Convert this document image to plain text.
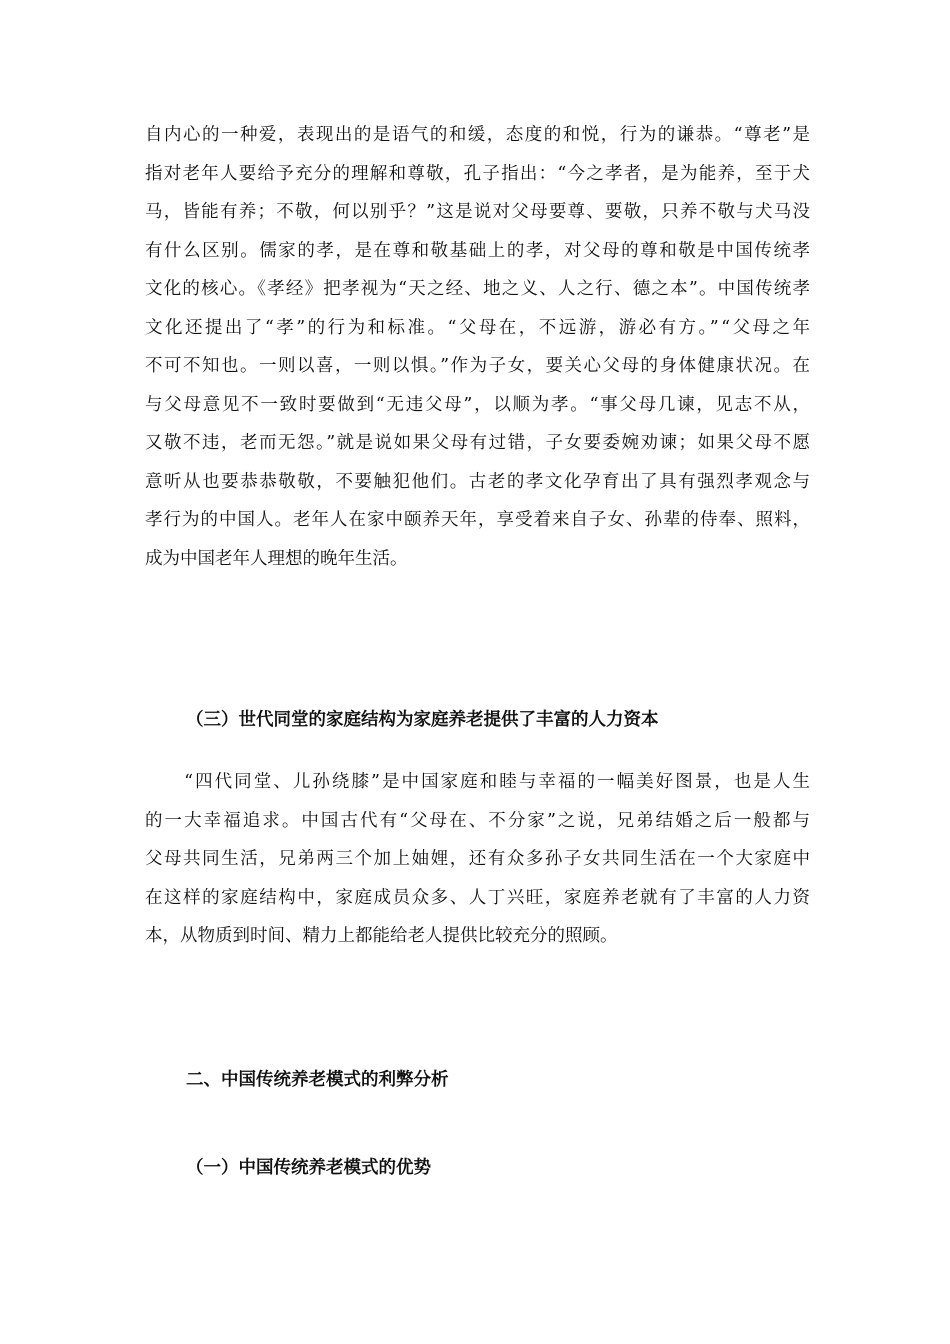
自内心的一种爱，表现出的是语气的和缓，态度的和悦，行为的谦恭。“尊老”是
指对老年人要给予充分的理解和尊敬，孔子指出：“今之孝者，是为能养，至于犬
马，皆能有养；不敬，何以别乎？”这是说对父母要尊、要敬，只养不敬与犬马没
有什么区别。儒家的孝，是在尊和敬基础上的孝，对父母的尊和敬是中国传统孝
文化的核心。《孝经》把孝视为“天之经、地之义、人之行、德之本”。中国传统孝
文化还提出了“孝”的行为和标准。“父母在，不远游，游必有方。”“父母之年
不可不知也。一则以喜，一则以惧。”作为子女，要关心父母的身体健康状况。在
与父母意见不一致时要做到“无违父母”，以顺为孝。“事父母几谏，见志不从，
又敬不违，老而无怨。”就是说如果父母有过错，子女要委婉劝谏；如果父母不愿
意听从也要恭恭敬敬，不要触犯他们。古老的孝文化孕育出了具有强烈孝观念与
孝行为的中国人。老年人在家中颐养天年，享受着来自子女、孙辈的侍奉、照料，
成为中国老年人理想的晚年生活。
（三）世代同堂的家庭结构为家庭养老提供了丰富的人力资本
　　“四代同堂、儿孙绕膝”是中国家庭和睦与幸福的一幅美好图景，也是人生
的一大幸福追求。中国古代有“父母在、不分家”之说，兄弟结婚之后一般都与
父母共同生活，兄弟两三个加上妯娌，还有众多孙子女共同生活在一个大家庭中
在这样的家庭结构中，家庭成员众多、人丁兴旺，家庭养老就有了丰富的人力资
本，从物质到时间、精力上都能给老人提供比较充分的照顾。
二、中国传统养老模式的利弊分析
（一）中国传统养老模式的优势
